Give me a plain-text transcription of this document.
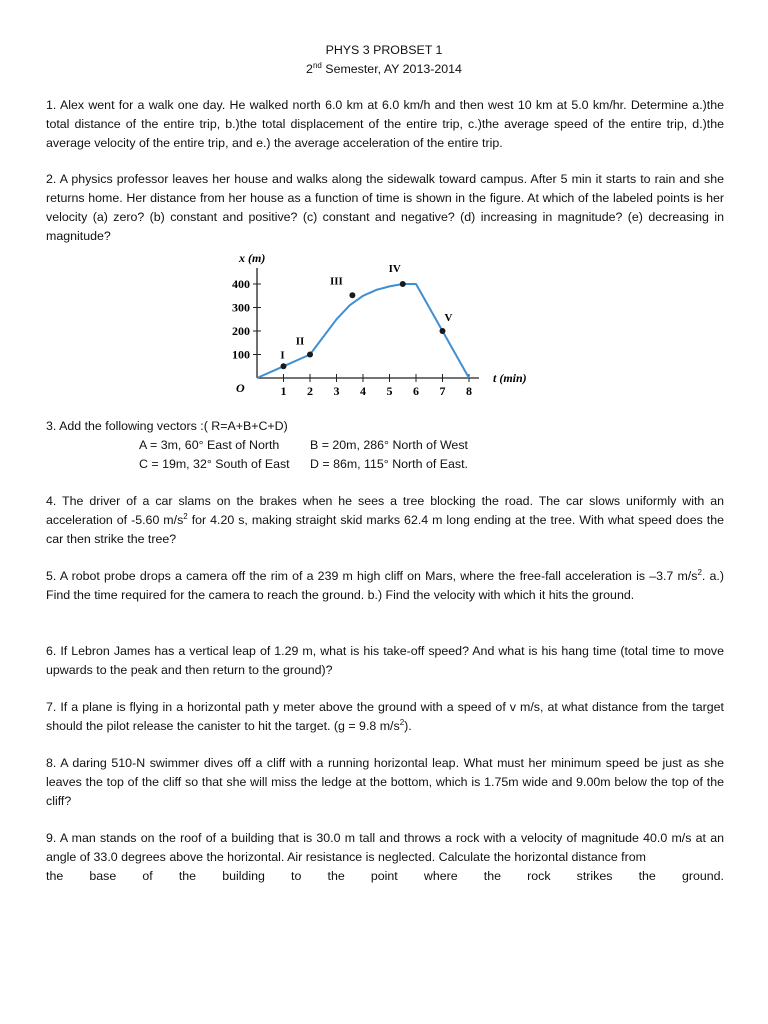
PHYS 3 PROBSET 1
2nd Semester, AY 2013-2014

1. Alex went for a walk one day. He walked north 6.0 km at 6.0 km/h and then west 10 km at 5.0 km/hr. Determine a.)the total distance of the entire trip, b.)the total displacement of the entire trip, c.)the average speed of the entire trip, d.)the average velocity of the entire trip, and e.) the average acceleration of the entire trip.

2. A physics professor leaves her house and walks along the sidewalk toward campus. After 5 min it starts to rain and she returns home. Her distance from her house as a function of time is shown in the figure. At which of the labeled points is her velocity (a) zero? (b) constant and positive? (c) constant and negative? (d) increasing in magnitude? (e) decreasing in magnitude?

x (m)
t (min)
O	1 2 3 4 5 6 7 8
100
200
300
400
I
II
III
IV
V
3. Add the following vectors :( R=A+B+C+D)
A = 3m, 60° East of North B = 20m, 286° North of West
C = 19m, 32° South of East D = 86m, 115° North of East.

4. The driver of a car slams on the brakes when he sees a tree blocking the road. The car slows uniformly with an acceleration of -5.60 $m/s^2$ for 4.20 s, making straight skid marks 62.4 m long ending at the tree. With what speed does the car then strike the tree?

5. A robot probe drops a camera off the rim of a 239 m high cliff on Mars, where the free-fall acceleration is –3.7 $m/s^2$. a.) Find the time required for the camera to reach the ground. b.) Find the velocity with which it hits the ground.

6. If Lebron James has a vertical leap of 1.29 m, what is his take-off speed? And what is his hang time (total time to move upwards to the peak and then return to the ground)?

7. If a plane is flying in a horizontal path y meter above the ground with a speed of v m/s, at what distance from the target should the pilot release the canister to hit the target. (g = 9.8 $m/s^2$).

8. A daring 510-N swimmer dives off a cliff with a running horizontal leap. What must her minimum speed be just as she leaves the top of the cliff so that she will miss the ledge at the bottom, which is 1.75m wide and 9.00m below the top of the cliff?

9. A man stands on the roof of a building that is 30.0 m tall and throws a rock with a velocity of magnitude 40.0 m/s at an angle of 33.0 degrees above the horizontal. Air resistance is neglected. Calculate the horizontal distance from

the base of the building to the point where the rock strikes the ground.
